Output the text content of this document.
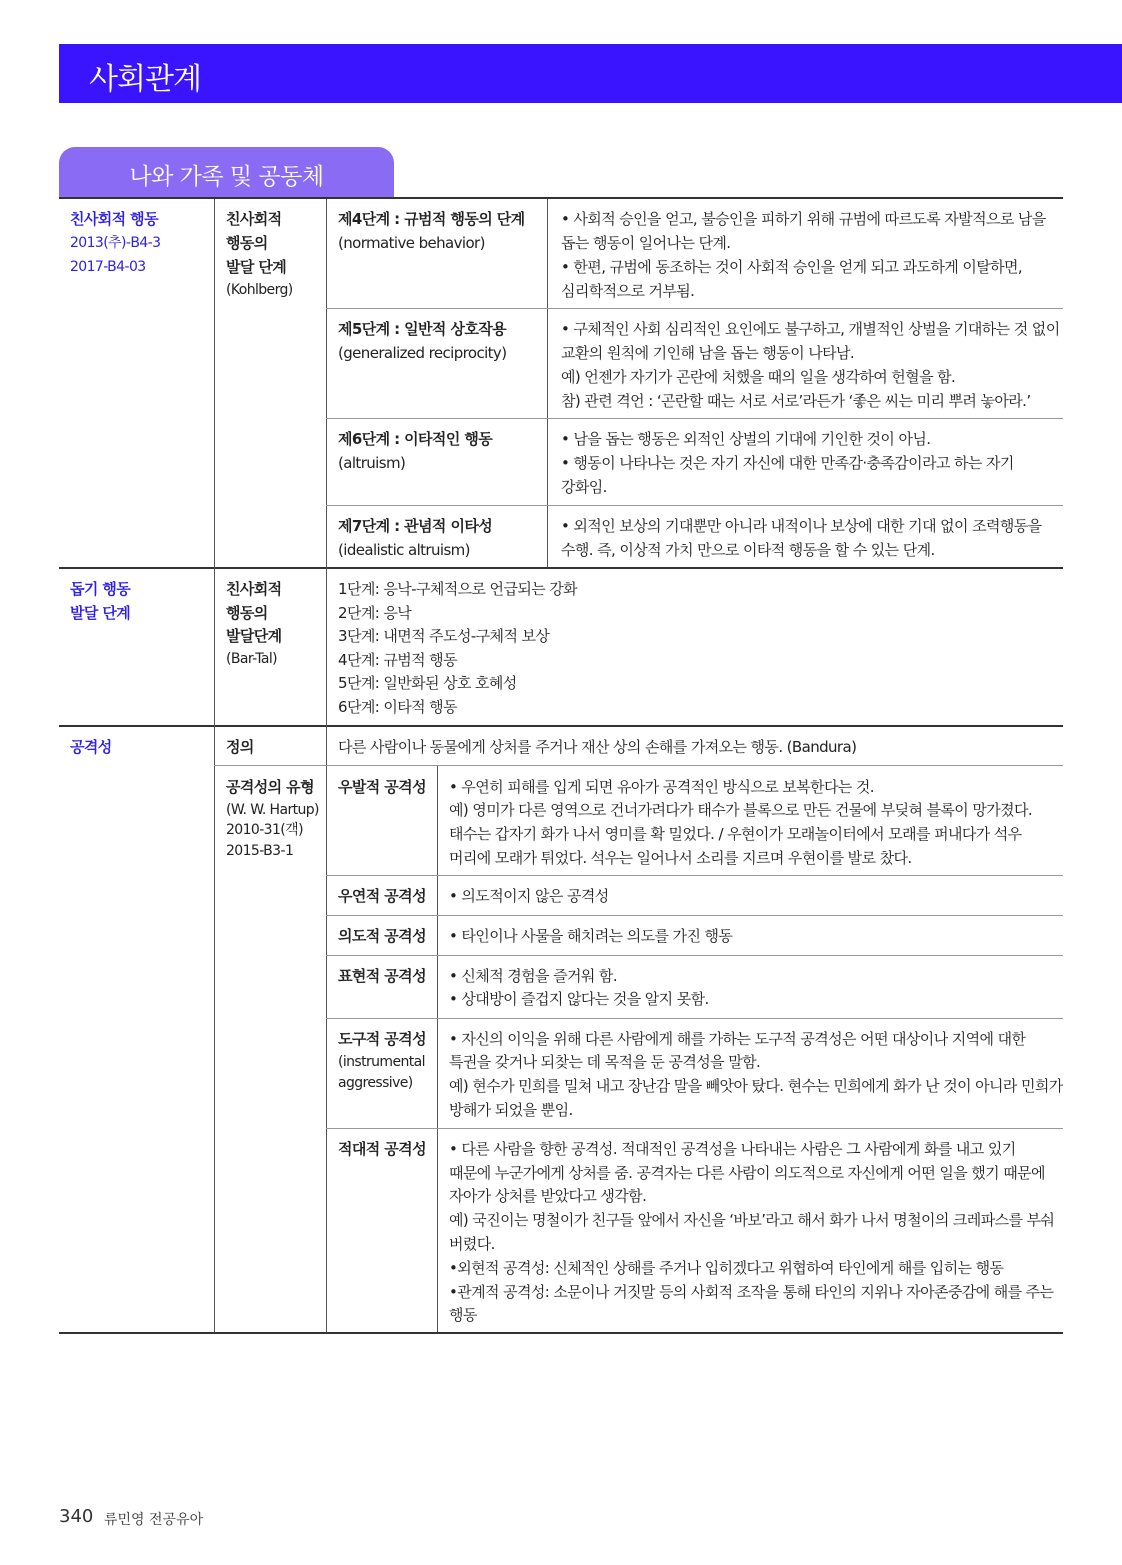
사회관계
나와 가족 및 공동체
친사회적 행동
2013(추)-B4-3
2017-B4-03
친사회적
행동의
발달 단계
(Kohlberg)
제4단계 : 규범적 행동의 단계
(normative behavior)
• 사회적 승인을 얻고, 불승인을 피하기 위해 규범에 따르도록 자발적으로 남을
돕는 행동이 일어나는 단계.
• 한편, 규범에 동조하는 것이 사회적 승인을 얻게 되고 과도하게 이탈하면,
심리학적으로 거부됨.
제5단계 : 일반적 상호작용
(generalized reciprocity)
• 구체적인 사회 심리적인 요인에도 불구하고, 개별적인 상벌을 기대하는 것 없이
교환의 원칙에 기인해 남을 돕는 행동이 나타남.
예) 언젠가 자기가 곤란에 처했을 때의 일을 생각하여 헌혈을 함.
참) 관련 격언 : ‘곤란할 때는 서로 서로’라든가 ‘좋은 씨는 미리 뿌려 놓아라.’
제6단계 : 이타적인 행동
(altruism)
• 남을 돕는 행동은 외적인 상벌의 기대에 기인한 것이 아님.
• 행동이 나타나는 것은 자기 자신에 대한 만족감·충족감이라고 하는 자기
강화임.
제7단계 : 관념적 이타성
(idealistic altruism)
• 외적인 보상의 기대뿐만 아니라 내적이나 보상에 대한 기대 없이 조력행동을
수행. 즉, 이상적 가치 만으로 이타적 행동을 할 수 있는 단계.
돕기 행동
발달 단계
친사회적
행동의
발달단계
(Bar-Tal)
1단계: 응낙-구체적으로 언급되는 강화
2단계: 응낙
3단계: 내면적 주도성-구체적 보상
4단계: 규범적 행동
5단계: 일반화된 상호 호혜성
6단계: 이타적 행동
공격성	정의	다른 사람이나 동물에게 상처를 주거나 재산 상의 손해를 가져오는 행동. (Bandura)
공격성의 유형
(W. W. Hartup)
2010-31(객)
2015-B3-1
우발적 공격성 • 우연히 피해를 입게 되면 유아가 공격적인 방식으로 보복한다는 것.
예) 영미가 다른 영역으로 건너가려다가 태수가 블록으로 만든 건물에 부딪혀 블록이 망가졌다.
태수는 갑자기 화가 나서 영미를 확 밀었다. / 우현이가 모래놀이터에서 모래를 퍼내다가 석우
머리에 모래가 튀었다. 석우는 일어나서 소리를 지르며 우현이를 발로 찼다.
우연적 공격성 • 의도적이지 않은 공격성
의도적 공격성 • 타인이나 사물을 해치려는 의도를 가진 행동
표현적 공격성 • 신체적 경험을 즐거워 함.
• 상대방이 즐겁지 않다는 것을 알지 못함.
도구적 공격성
(instrumental
aggressive)
• 자신의 이익을 위해 다른 사람에게 해를 가하는 도구적 공격성은 어떤 대상이나 지역에 대한
특권을 갖거나 되찾는 데 목적을 둔 공격성을 말함.
예) 현수가 민희를 밀쳐 내고 장난감 말을 빼앗아 탔다. 현수는 민희에게 화가 난 것이 아니라 민희가
방해가 되었을 뿐임.
적대적 공격성 • 다른 사람을 향한 공격성. 적대적인 공격성을 나타내는 사람은 그 사람에게 화를 내고 있기
때문에 누군가에게 상처를 줌. 공격자는 다른 사람이 의도적으로 자신에게 어떤 일을 했기 때문에
자아가 상처를 받았다고 생각함.
예) 국진이는 명철이가 친구들 앞에서 자신을 ‘바보’라고 해서 화가 나서 명철이의 크레파스를 부숴
버렸다.
•외현적 공격성: 신체적인 상해를 주거나 입히겠다고 위협하여 타인에게 해를 입히는 행동
•관계적 공격성: 소문이나 거짓말 등의 사회적 조작을 통해 타인의 지위나 자아존중감에 해를 주는
행동
340 류민영 전공유아
